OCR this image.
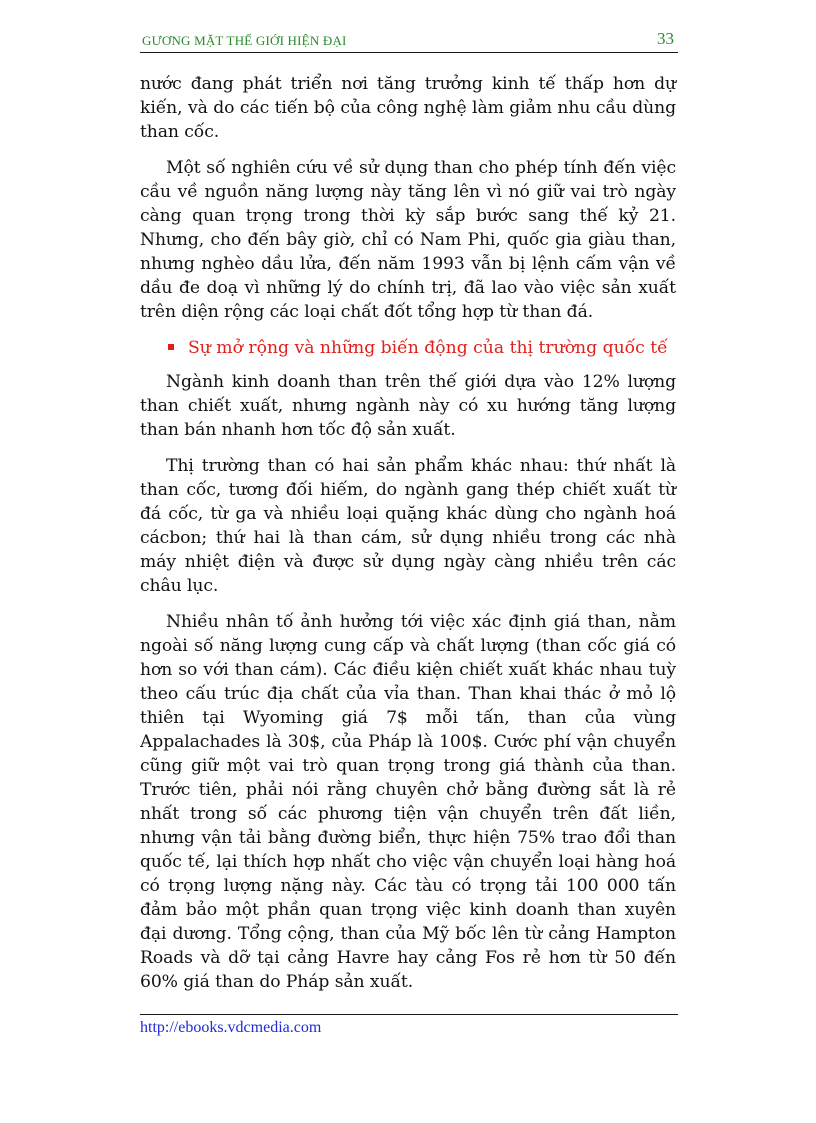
GƯƠNG MẶT THẾ GIỚI HIỆN ĐẠI	33

nước đang phát triển nơi tăng trưởng kinh tế thấp hơn dự kiến, và do các tiến bộ của công nghệ làm giảm nhu cầu dùng than cốc.

Một số nghiên cứu về sử dụng than cho phép tính đến việc cầu về nguồn năng lượng này tăng lên vì nó giữ vai trò ngày càng quan trọng trong thời kỳ sắp bước sang thế kỷ 21. Nhưng, cho đến bây giờ, chỉ có Nam Phi, quốc gia giàu than, nhưng nghèo dầu lửa, đến năm 1993 vẫn bị lệnh cấm vận về dầu đe doạ vì những lý do chính trị, đã lao vào việc sản xuất trên diện rộng các loại chất đốt tổng hợp từ than đá.

Sự mở rộng và những biến động của thị trường quốc tế

Ngành kinh doanh than trên thế giới dựa vào 12% lượng than chiết xuất, nhưng ngành này có xu hướng tăng lượng than bán nhanh hơn tốc độ sản xuất.

Thị trường than có hai sản phẩm khác nhau: thứ nhất là than cốc, tương đối hiếm, do ngành gang thép chiết xuất từ đá cốc, từ ga và nhiều loại quặng khác dùng cho ngành hoá cácbon; thứ hai là than cám, sử dụng nhiều trong các nhà máy nhiệt điện và được sử dụng ngày càng nhiều trên các châu lục.

Nhiều nhân tố ảnh hưởng tới việc xác định giá than, nằm ngoài số năng lượng cung cấp và chất lượng (than cốc giá có hơn so với than cám). Các điều kiện chiết xuất khác nhau tuỳ theo cấu trúc địa chất của vỉa than. Than khai thác ở mỏ lộ thiên tại Wyoming giá 7$ mỗi tấn, than của vùng Appalachades là 30$, của Pháp là 100$. Cước phí vận chuyển cũng giữ một vai trò quan trọng trong giá thành của than. Trước tiên, phải nói rằng chuyên chở bằng đường sắt là rẻ nhất trong số các phương tiện vận chuyển trên đất liền, nhưng vận tải bằng đường biển, thực hiện 75% trao đổi than quốc tế, lại thích hợp nhất cho việc vận chuyển loại hàng hoá có trọng lượng nặng này. Các tàu có trọng tải 100 000 tấn đảm bảo một phần quan trọng việc kinh doanh than xuyên đại dương. Tổng cộng, than của Mỹ bốc lên từ cảng Hampton Roads và dỡ tại cảng Havre hay cảng Fos rẻ hơn từ 50 đến 60% giá than do Pháp sản xuất.

http://ebooks.vdcmedia.com
